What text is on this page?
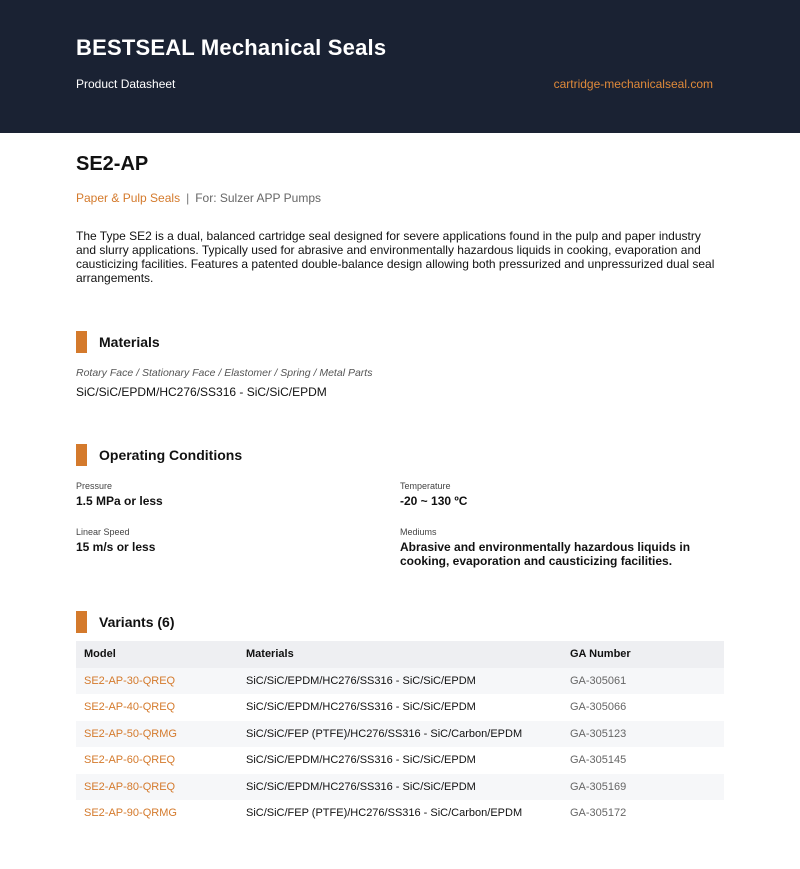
BESTSEAL Mechanical Seals
Product Datasheet	cartridge-mechanicalseal.com
SE2-AP
Paper & Pulp Seals | For: Sulzer APP Pumps
The Type SE2 is a dual, balanced cartridge seal designed for severe applications found in the pulp and paper industry and slurry applications. Typically used for abrasive and environmentally hazardous liquids in cooking, evaporation and causticizing facilities. Features a patented double-balance design allowing both pressurized and unpressurized dual seal arrangements.
Materials
Rotary Face / Stationary Face / Elastomer / Spring / Metal Parts
SiC/SiC/EPDM/HC276/SS316 - SiC/SiC/EPDM
Operating Conditions
Pressure
1.5 MPa or less
Temperature
-20 ~ 130 ºC
Linear Speed
15 m/s or less
Mediums
Abrasive and environmentally hazardous liquids in cooking, evaporation and causticizing facilities.
Variants (6)
Model	Materials	GA Number
SE2-AP-30-QREQ	SiC/SiC/EPDM/HC276/SS316 - SiC/SiC/EPDM	GA-305061
SE2-AP-40-QREQ	SiC/SiC/EPDM/HC276/SS316 - SiC/SiC/EPDM	GA-305066
SE2-AP-50-QRMG	SiC/SiC/FEP (PTFE)/HC276/SS316 - SiC/Carbon/EPDM	GA-305123
SE2-AP-60-QREQ	SiC/SiC/EPDM/HC276/SS316 - SiC/SiC/EPDM	GA-305145
SE2-AP-80-QREQ	SiC/SiC/EPDM/HC276/SS316 - SiC/SiC/EPDM	GA-305169
SE2-AP-90-QRMG	SiC/SiC/FEP (PTFE)/HC276/SS316 - SiC/Carbon/EPDM	GA-305172
